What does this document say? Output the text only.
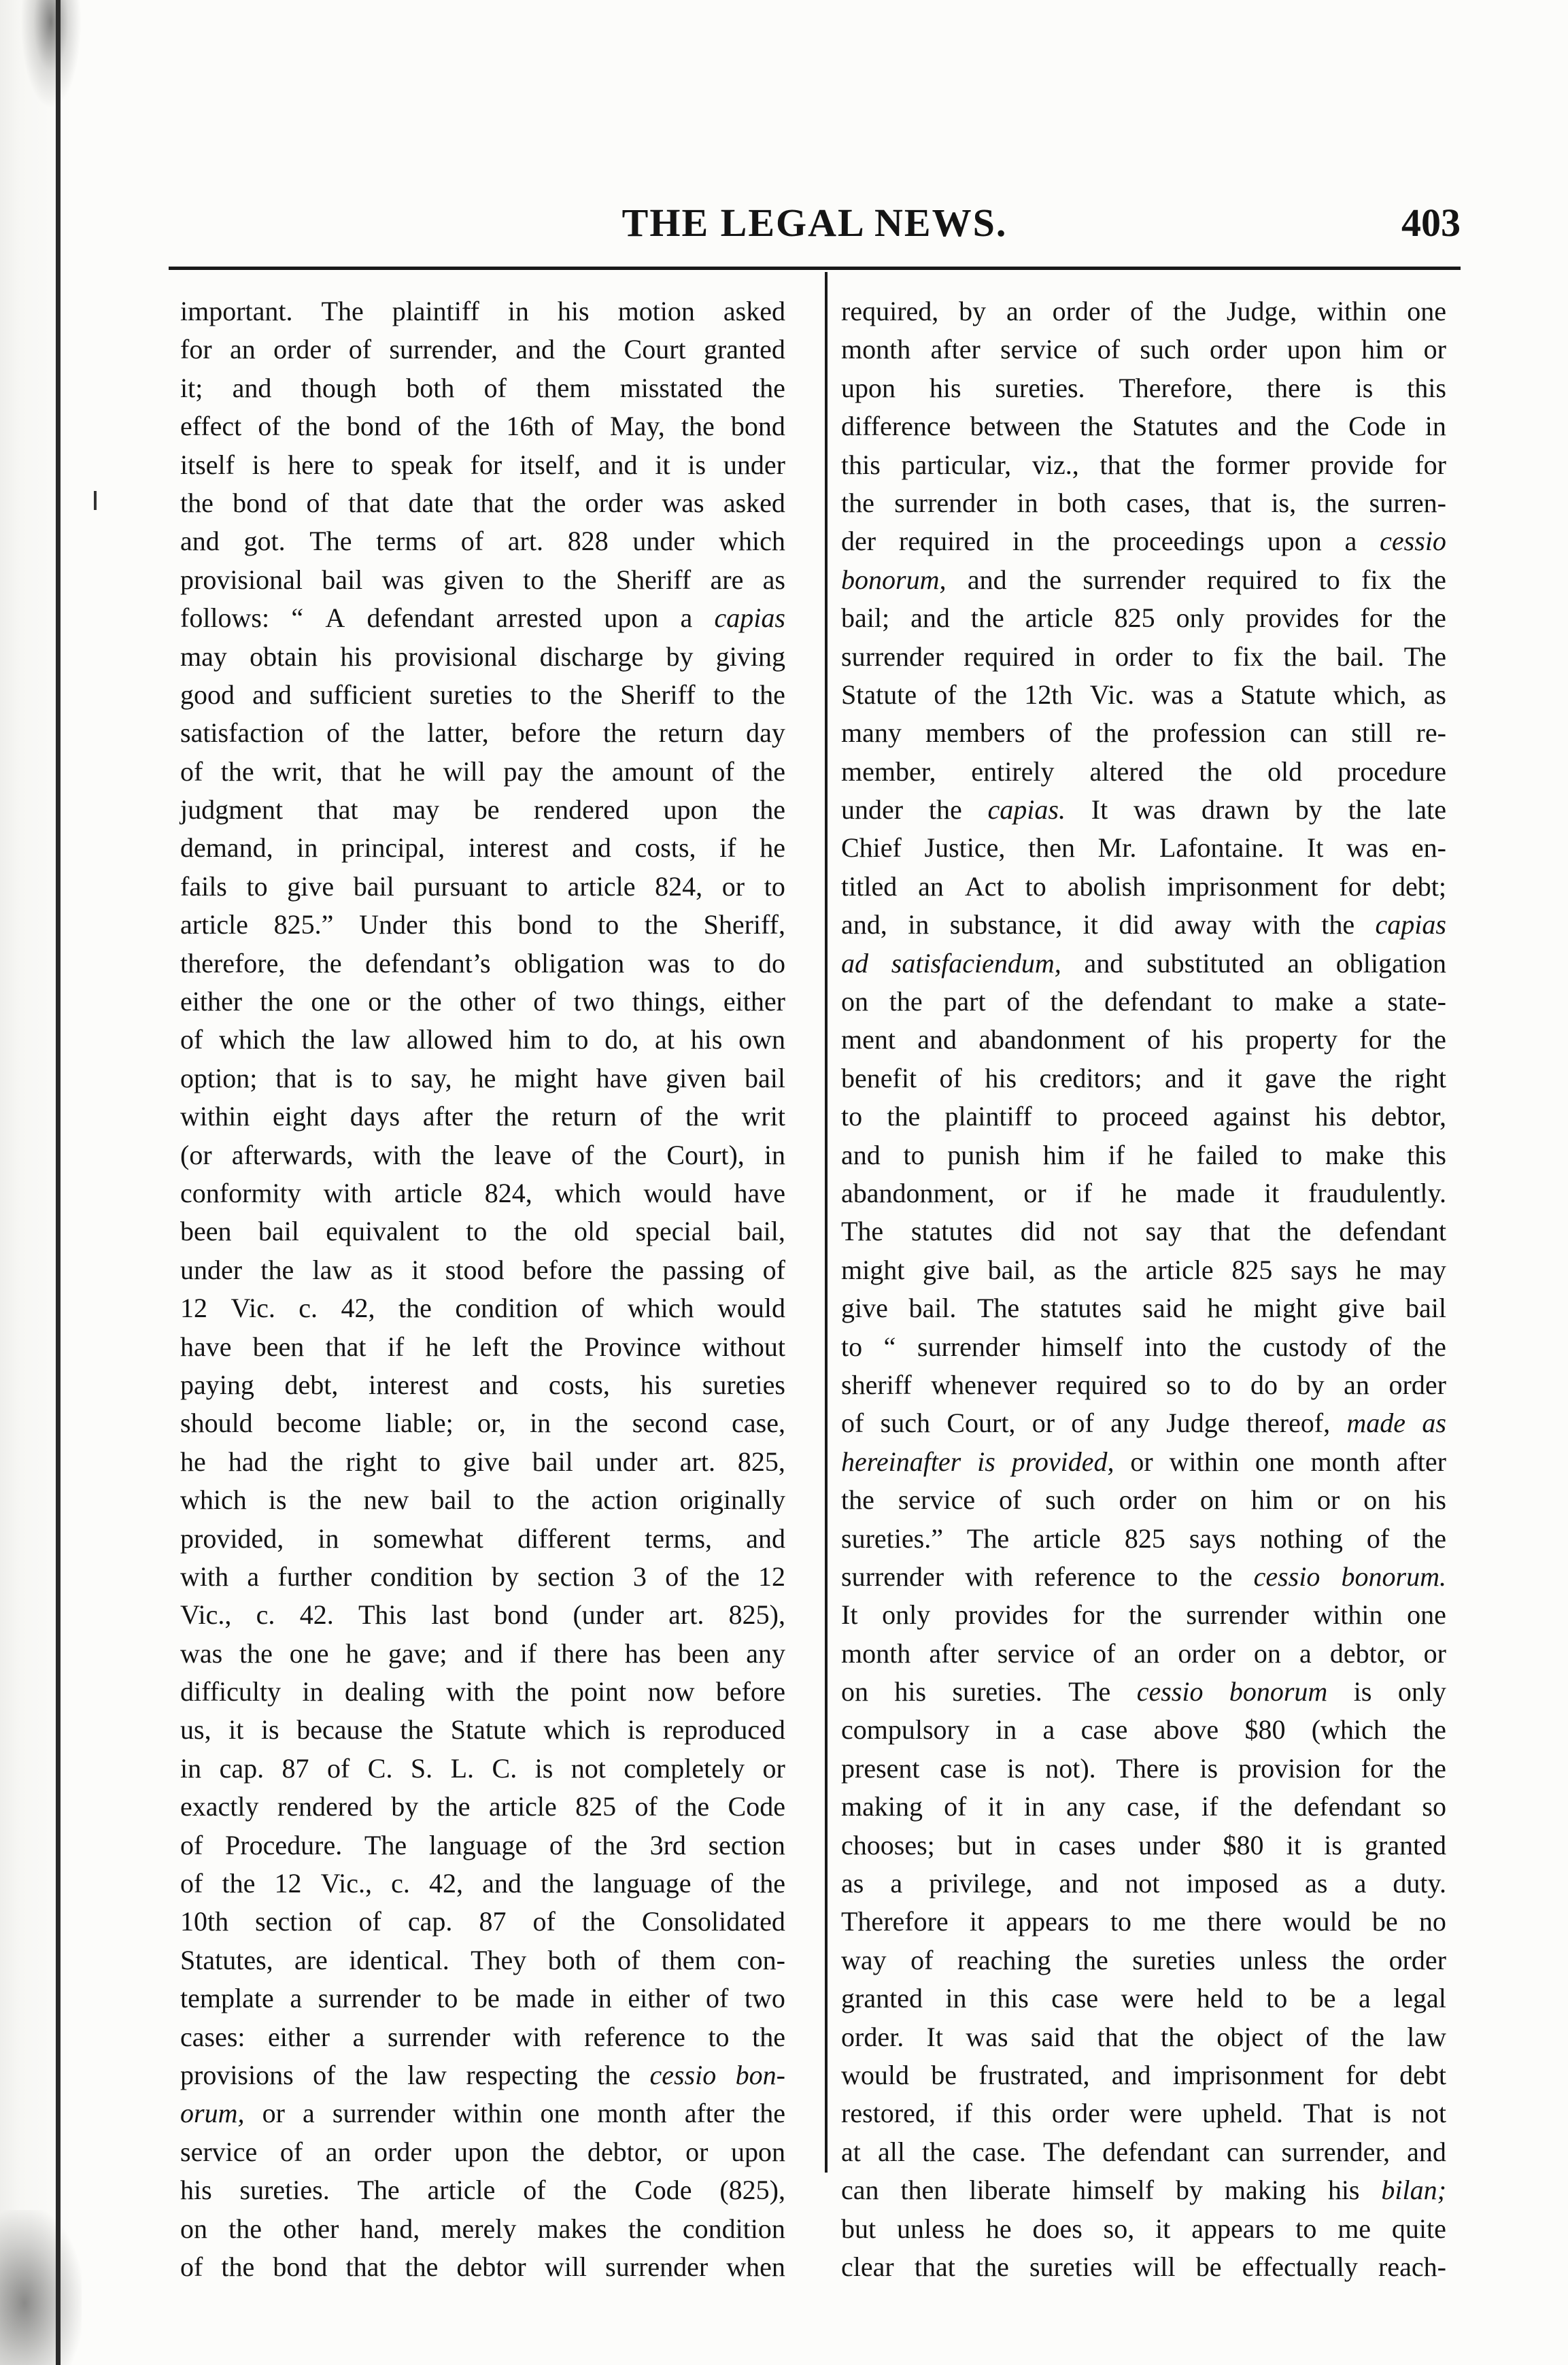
THE LEGAL NEWS.	403
important. The plaintiff in his motion asked
for an order of surrender, and the Court granted
it; and though both of them misstated the
effect of the bond of the 16th of May, the bond
itself is here to speak for itself, and it is under
the bond of that date that the order was asked
and got. The terms of art. 828 under which
provisional bail was given to the Sheriff are as
follows: “ A defendant arrested upon a capias
may obtain his provisional discharge by giving
good and sufficient sureties to the Sheriff to the
satisfaction of the latter, before the return day
of the writ, that he will pay the amount of the
judgment that may be rendered upon the
demand, in principal, interest and costs, if he
fails to give bail pursuant to article 824, or to
article 825.” Under this bond to the Sheriff,
therefore, the defendant’s obligation was to do
either the one or the other of two things, either
of which the law allowed him to do, at his own
option; that is to say, he might have given bail
within eight days after the return of the writ
(or afterwards, with the leave of the Court), in
conformity with article 824, which would have
been bail equivalent to the old special bail,
under the law as it stood before the passing of
12 Vic. c. 42, the condition of which would
have been that if he left the Province without
paying debt, interest and costs, his sureties
should become liable; or, in the second case,
he had the right to give bail under art. 825,
which is the new bail to the action originally
provided, in somewhat different terms, and
with a further condition by section 3 of the 12
Vic., c. 42. This last bond (under art. 825),
was the one he gave; and if there has been any
difficulty in dealing with the point now before
us, it is because the Statute which is reproduced
in cap. 87 of C. S. L. C. is not completely or
exactly rendered by the article 825 of the Code
of Procedure. The language of the 3rd section
of the 12 Vic., c. 42, and the language of the
10th section of cap. 87 of the Consolidated
Statutes, are identical. They both of them con-
template a surrender to be made in either of two
cases: either a surrender with reference to the
provisions of the law respecting the cessio bon-
orum, or a surrender within one month after the
service of an order upon the debtor, or upon
his sureties. The article of the Code (825),
on the other hand, merely makes the condition
of the bond that the debtor will surrender when
required, by an order of the Judge, within one
month after service of such order upon him or
upon his sureties. Therefore, there is this
difference between the Statutes and the Code in
this particular, viz., that the former provide for
the surrender in both cases, that is, the surren-
der required in the proceedings upon a cessio
bonorum, and the surrender required to fix the
bail; and the article 825 only provides for the
surrender required in order to fix the bail. The
Statute of the 12th Vic. was a Statute which, as
many members of the profession can still re-
member, entirely altered the old procedure
under the capias. It was drawn by the late
Chief Justice, then Mr. Lafontaine. It was en-
titled an Act to abolish imprisonment for debt;
and, in substance, it did away with the capias
ad satisfaciendum, and substituted an obligation
on the part of the defendant to make a state-
ment and abandonment of his property for the
benefit of his creditors; and it gave the right
to the plaintiff to proceed against his debtor,
and to punish him if he failed to make this
abandonment, or if he made it fraudulently.
The statutes did not say that the defendant
might give bail, as the article 825 says he may
give bail. The statutes said he might give bail
to “ surrender himself into the custody of the
sheriff whenever required so to do by an order
of such Court, or of any Judge thereof, made as
hereinafter is provided, or within one month after
the service of such order on him or on his
sureties.” The article 825 says nothing of the
surrender with reference to the cessio bonorum.
It only provides for the surrender within one
month after service of an order on a debtor, or
on his sureties. The cessio bonorum is only
compulsory in a case above $80 (which the
present case is not). There is provision for the
making of it in any case, if the defendant so
chooses; but in cases under $80 it is granted
as a privilege, and not imposed as a duty.
Therefore it appears to me there would be no
way of reaching the sureties unless the order
granted in this case were held to be a legal
order. It was said that the object of the law
would be frustrated, and imprisonment for debt
restored, if this order were upheld. That is not
at all the case. The defendant can surrender, and
can then liberate himself by making his bilan;
but unless he does so, it appears to me quite
clear that the sureties will be effectually reach-
